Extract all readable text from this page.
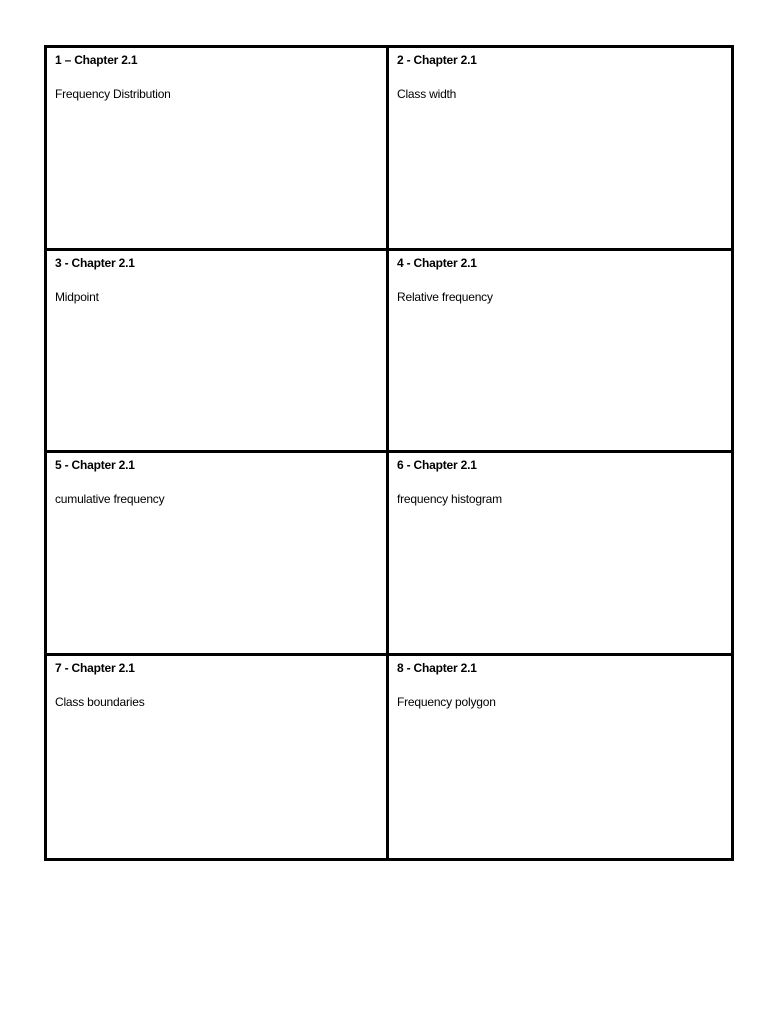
1 – Chapter 2.1
Frequency Distribution
2 - Chapter 2.1
Class width
3 - Chapter 2.1
Midpoint
4 - Chapter 2.1
Relative frequency
5 - Chapter 2.1
cumulative frequency
6 - Chapter 2.1
frequency histogram
7 - Chapter 2.1
Class boundaries
8 - Chapter 2.1
Frequency polygon
